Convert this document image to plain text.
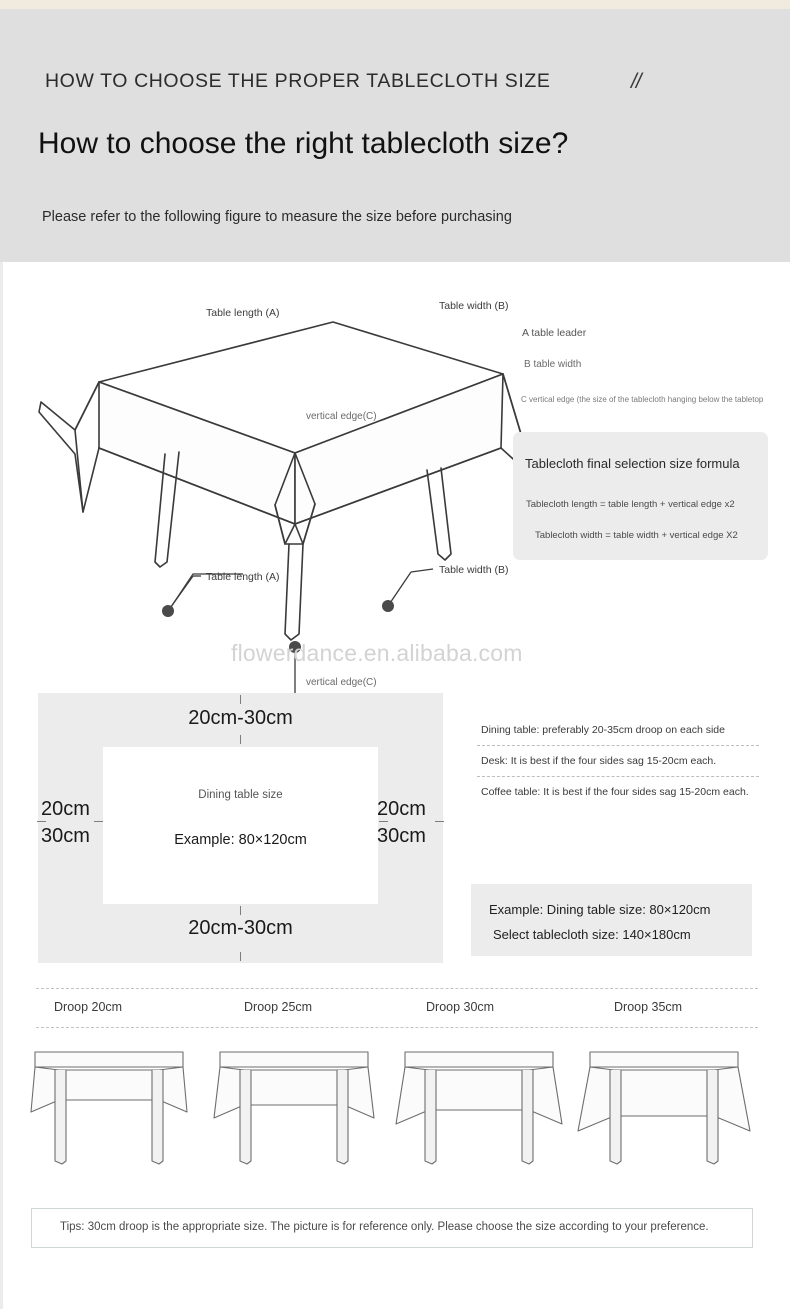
HOW TO CHOOSE THE PROPER TABLECLOTH SIZE	//
How to choose the right tablecloth size?
Please refer to the following figure to measure the size before purchasing
Table length (A)
Table width (B)
vertical edge(C)
Table length (A)
Table width (B)
vertical edge(C)
A table leader
B table width
C vertical edge (the size of the tablecloth hanging below the tabletop
Tablecloth final selection size formula
Tablecloth length = table length + vertical edge x2
Tablecloth width = table width + vertical edge X2
flowerdance.en.alibaba.com
Dining table size
Example: 80×120cm
20cm-30cm
20cm-30cm
20cm
30cm
20cm
30cm
Dining table: preferably 20-35cm droop on each side
Desk: It is best if the four sides sag 15-20cm each.
Coffee table: It is best if the four sides sag 15-20cm each.
Example: Dining table size: 80×120cm
Select tablecloth size: 140×180cm
Droop 20cm	Droop 25cm	Droop 30cm	Droop 35cm
Tips: 30cm droop is the appropriate size. The picture is for reference only. Please choose the size according to your preference.
